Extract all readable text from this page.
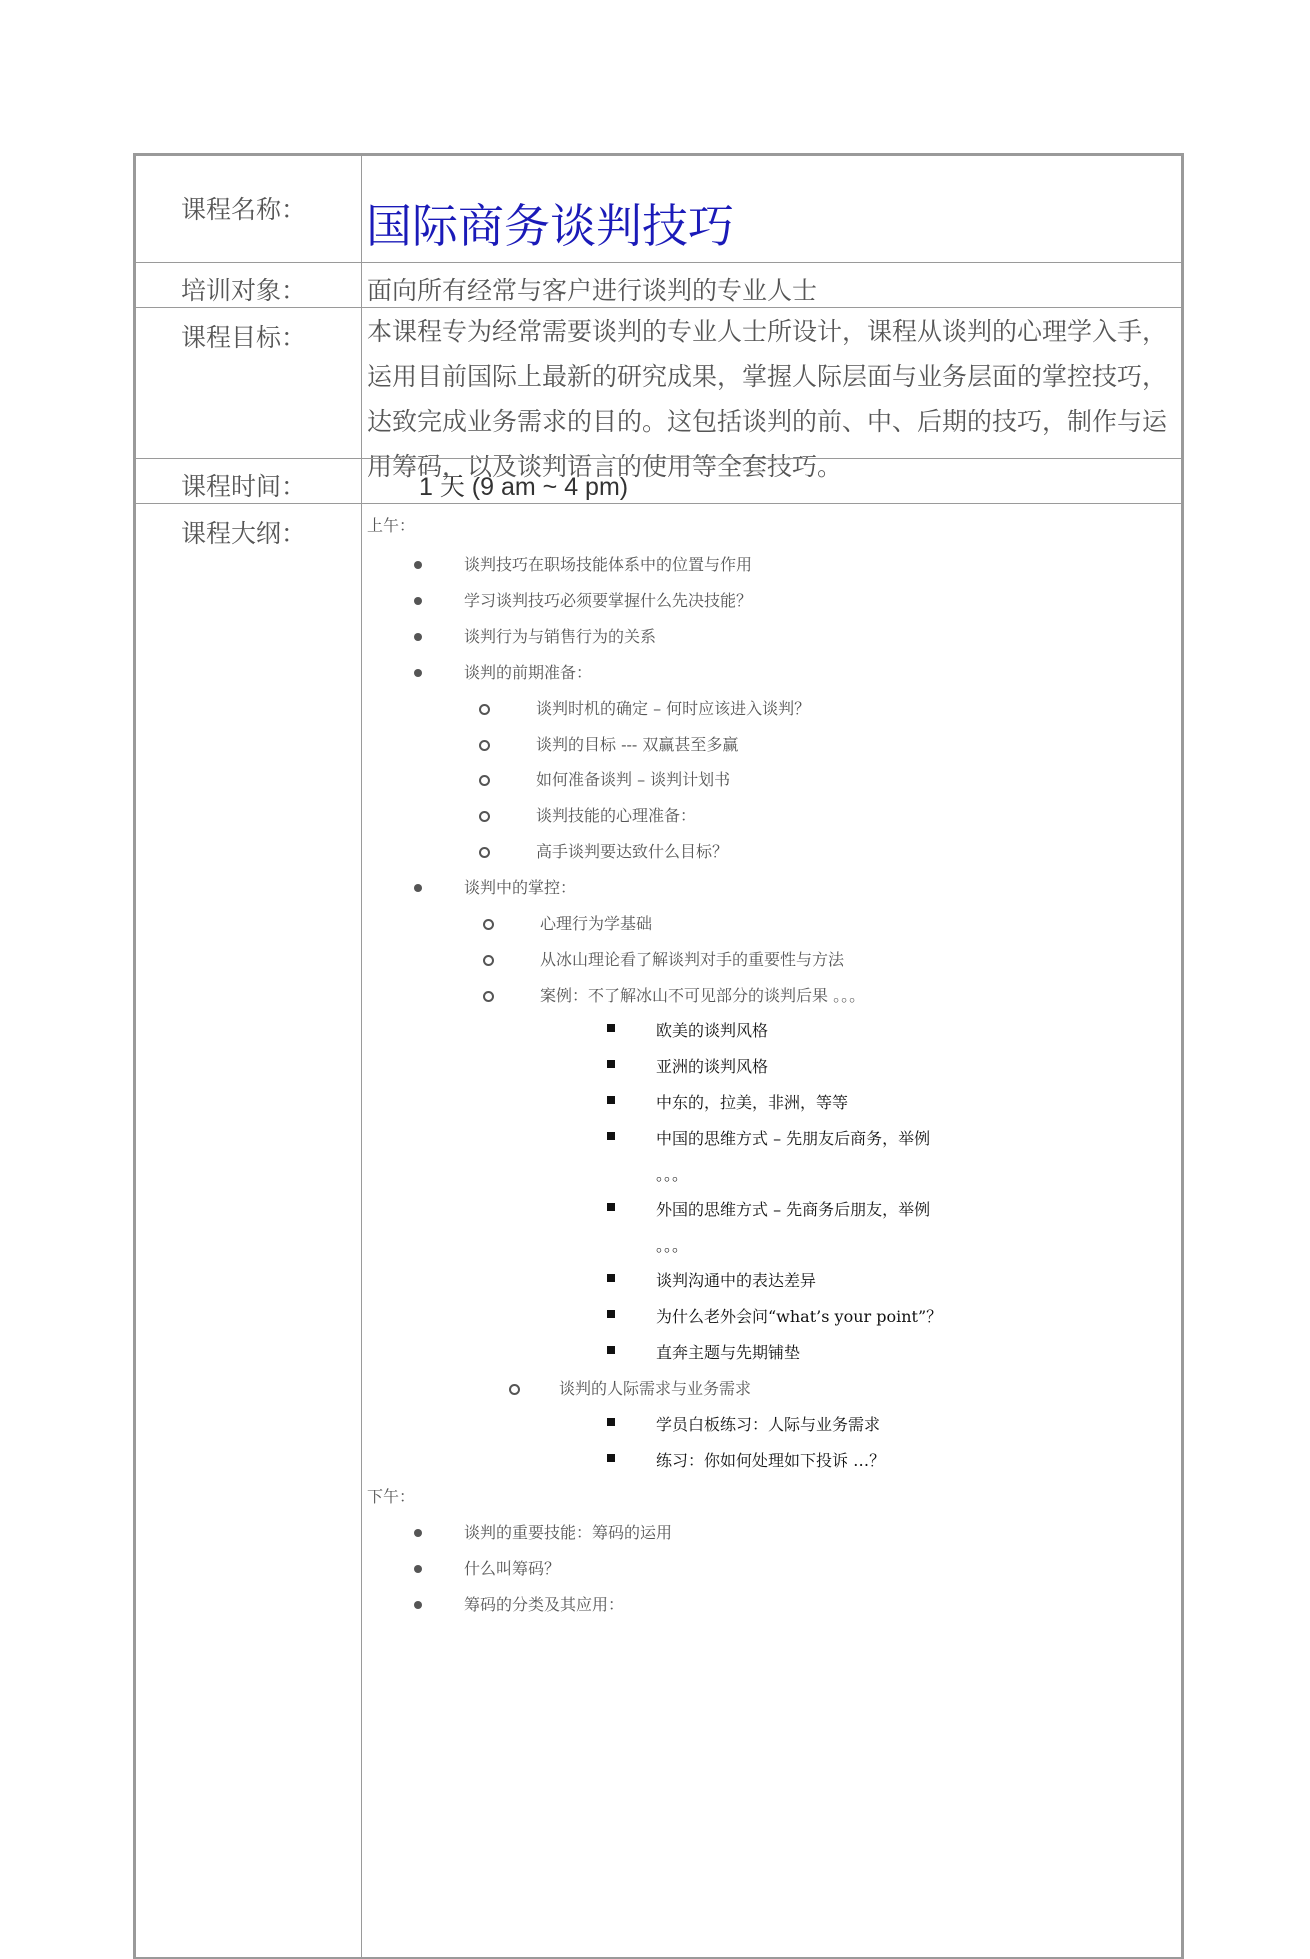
课程名称： 国际商务谈判技巧
培训对象： 面向所有经常与客户进行谈判的专业人士
课程目标： 本课程专为经常需要谈判的专业人士所设计，课程从谈判的心理学入手，运用目前国际上最新的研究成果，掌握人际层面与业务层面的掌控技巧，达致完成业务需求的目的。这包括谈判的前、中、后期的技巧，制作与运用筹码，以及谈判语言的使用等全套技巧。
课程时间：	1 天 (9 am ~ 4 pm)
课程大纲：	上午：
谈判技巧在职场技能体系中的位置与作用
学习谈判技巧必须要掌握什么先决技能？
谈判行为与销售行为的关系
谈判的前期准备：
谈判时机的确定 – 何时应该进入谈判？
谈判的目标 --- 双赢甚至多赢
如何准备谈判 – 谈判计划书
谈判技能的心理准备：
高手谈判要达致什么目标？
谈判中的掌控：
心理行为学基础
从冰山理论看了解谈判对手的重要性与方法
案例：不了解冰山不可见部分的谈判后果 。。。
欧美的谈判风格
亚洲的谈判风格
中东的，拉美，非洲，等等
中国的思维方式 – 先朋友后商务，举例
。。。
外国的思维方式 – 先商务后朋友，举例
。。。
谈判沟通中的表达差异
为什么老外会问“what’s your point”？
直奔主题与先期铺垫
谈判的人际需求与业务需求
学员白板练习：人际与业务需求
练习：你如何处理如下投诉 …？
下午：
谈判的重要技能：筹码的运用
什么叫筹码？
筹码的分类及其应用：
